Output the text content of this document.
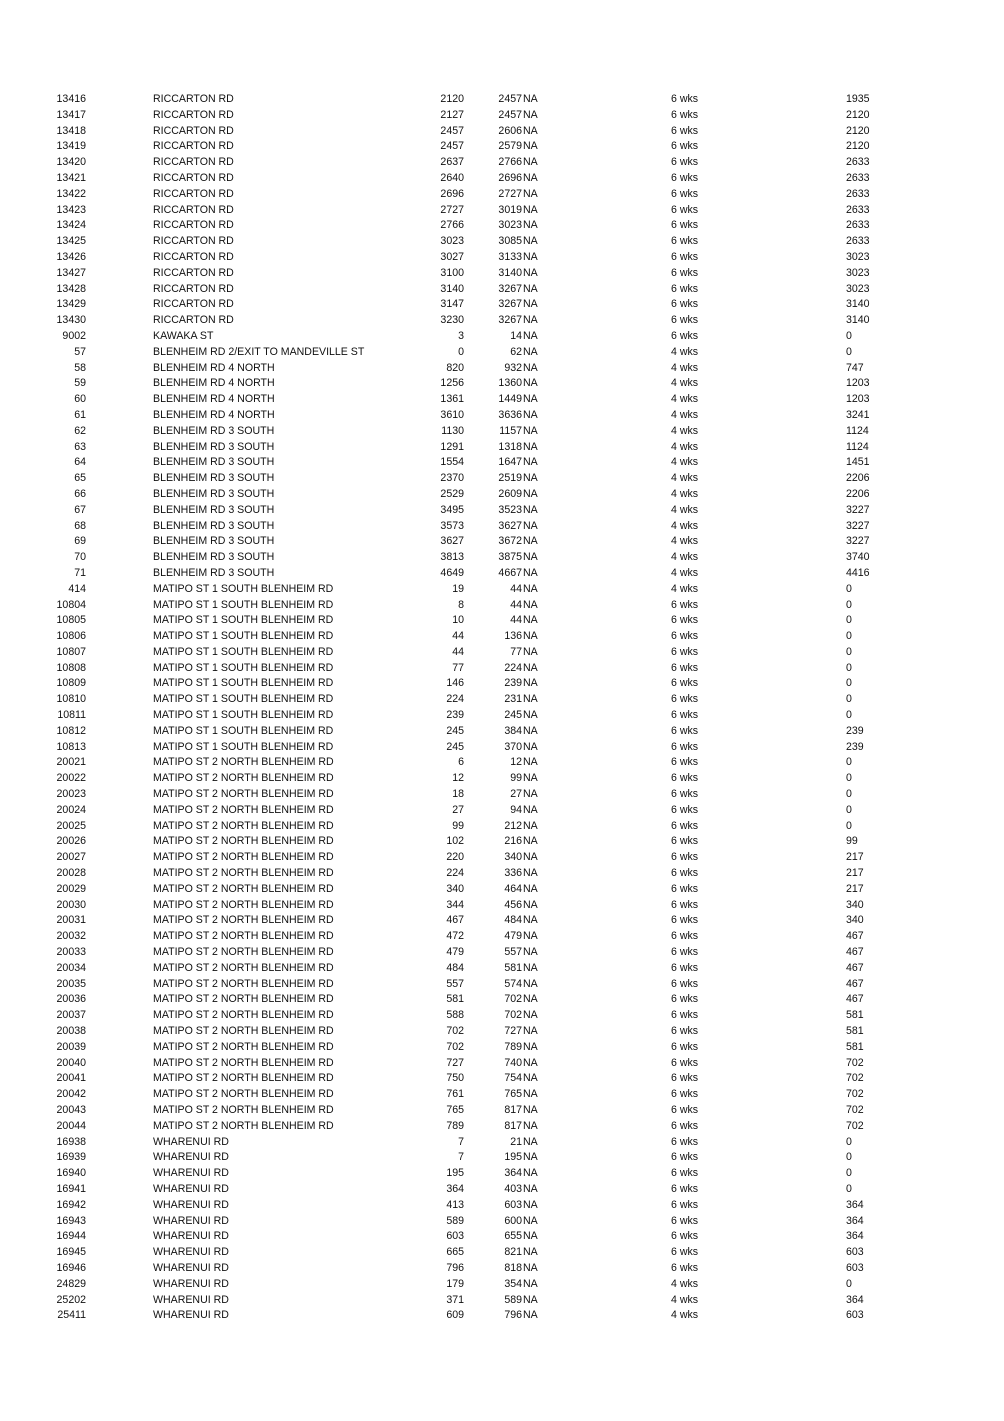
13416	RICCARTON RD	2120	2457 NA	6 wks	1935
13417	RICCARTON RD	2127	2457 NA	6 wks	2120
13418	RICCARTON RD	2457	2606 NA	6 wks	2120
13419	RICCARTON RD	2457	2579 NA	6 wks	2120
13420	RICCARTON RD	2637	2766 NA	6 wks	2633
13421	RICCARTON RD	2640	2696 NA	6 wks	2633
13422	RICCARTON RD	2696	2727 NA	6 wks	2633
13423	RICCARTON RD	2727	3019 NA	6 wks	2633
13424	RICCARTON RD	2766	3023 NA	6 wks	2633
13425	RICCARTON RD	3023	3085 NA	6 wks	2633
13426	RICCARTON RD	3027	3133 NA	6 wks	3023
13427	RICCARTON RD	3100	3140 NA	6 wks	3023
13428	RICCARTON RD	3140	3267 NA	6 wks	3023
13429	RICCARTON RD	3147	3267 NA	6 wks	3140
13430	RICCARTON RD	3230	3267 NA	6 wks	3140
9002	KAWAKA ST	3	14 NA	6 wks	0
57	BLENHEIM RD 2/EXIT TO MANDEVILLE ST	0	62 NA	4 wks	0
58	BLENHEIM RD 4 NORTH	820	932 NA	4 wks	747
59	BLENHEIM RD 4 NORTH	1256	1360 NA	4 wks	1203
60	BLENHEIM RD 4 NORTH	1361	1449 NA	4 wks	1203
61	BLENHEIM RD 4 NORTH	3610	3636 NA	4 wks	3241
62	BLENHEIM RD 3 SOUTH	1130	1157 NA	4 wks	1124
63	BLENHEIM RD 3 SOUTH	1291	1318 NA	4 wks	1124
64	BLENHEIM RD 3 SOUTH	1554	1647 NA	4 wks	1451
65	BLENHEIM RD 3 SOUTH	2370	2519 NA	4 wks	2206
66	BLENHEIM RD 3 SOUTH	2529	2609 NA	4 wks	2206
67	BLENHEIM RD 3 SOUTH	3495	3523 NA	4 wks	3227
68	BLENHEIM RD 3 SOUTH	3573	3627 NA	4 wks	3227
69	BLENHEIM RD 3 SOUTH	3627	3672 NA	4 wks	3227
70	BLENHEIM RD 3 SOUTH	3813	3875 NA	4 wks	3740
71	BLENHEIM RD 3 SOUTH	4649	4667 NA	4 wks	4416
414	MATIPO ST 1 SOUTH BLENHEIM RD	19	44 NA	4 wks	0
10804	MATIPO ST 1 SOUTH BLENHEIM RD	8	44 NA	6 wks	0
10805	MATIPO ST 1 SOUTH BLENHEIM RD	10	44 NA	6 wks	0
10806	MATIPO ST 1 SOUTH BLENHEIM RD	44	136 NA	6 wks	0
10807	MATIPO ST 1 SOUTH BLENHEIM RD	44	77 NA	6 wks	0
10808	MATIPO ST 1 SOUTH BLENHEIM RD	77	224 NA	6 wks	0
10809	MATIPO ST 1 SOUTH BLENHEIM RD	146	239 NA	6 wks	0
10810	MATIPO ST 1 SOUTH BLENHEIM RD	224	231 NA	6 wks	0
10811	MATIPO ST 1 SOUTH BLENHEIM RD	239	245 NA	6 wks	0
10812	MATIPO ST 1 SOUTH BLENHEIM RD	245	384 NA	6 wks	239
10813	MATIPO ST 1 SOUTH BLENHEIM RD	245	370 NA	6 wks	239
20021	MATIPO ST 2 NORTH BLENHEIM RD	6	12 NA	6 wks	0
20022	MATIPO ST 2 NORTH BLENHEIM RD	12	99 NA	6 wks	0
20023	MATIPO ST 2 NORTH BLENHEIM RD	18	27 NA	6 wks	0
20024	MATIPO ST 2 NORTH BLENHEIM RD	27	94 NA	6 wks	0
20025	MATIPO ST 2 NORTH BLENHEIM RD	99	212 NA	6 wks	0
20026	MATIPO ST 2 NORTH BLENHEIM RD	102	216 NA	6 wks	99
20027	MATIPO ST 2 NORTH BLENHEIM RD	220	340 NA	6 wks	217
20028	MATIPO ST 2 NORTH BLENHEIM RD	224	336 NA	6 wks	217
20029	MATIPO ST 2 NORTH BLENHEIM RD	340	464 NA	6 wks	217
20030	MATIPO ST 2 NORTH BLENHEIM RD	344	456 NA	6 wks	340
20031	MATIPO ST 2 NORTH BLENHEIM RD	467	484 NA	6 wks	340
20032	MATIPO ST 2 NORTH BLENHEIM RD	472	479 NA	6 wks	467
20033	MATIPO ST 2 NORTH BLENHEIM RD	479	557 NA	6 wks	467
20034	MATIPO ST 2 NORTH BLENHEIM RD	484	581 NA	6 wks	467
20035	MATIPO ST 2 NORTH BLENHEIM RD	557	574 NA	6 wks	467
20036	MATIPO ST 2 NORTH BLENHEIM RD	581	702 NA	6 wks	467
20037	MATIPO ST 2 NORTH BLENHEIM RD	588	702 NA	6 wks	581
20038	MATIPO ST 2 NORTH BLENHEIM RD	702	727 NA	6 wks	581
20039	MATIPO ST 2 NORTH BLENHEIM RD	702	789 NA	6 wks	581
20040	MATIPO ST 2 NORTH BLENHEIM RD	727	740 NA	6 wks	702
20041	MATIPO ST 2 NORTH BLENHEIM RD	750	754 NA	6 wks	702
20042	MATIPO ST 2 NORTH BLENHEIM RD	761	765 NA	6 wks	702
20043	MATIPO ST 2 NORTH BLENHEIM RD	765	817 NA	6 wks	702
20044	MATIPO ST 2 NORTH BLENHEIM RD	789	817 NA	6 wks	702
16938	WHARENUI RD	7	21 NA	6 wks	0
16939	WHARENUI RD	7	195 NA	6 wks	0
16940	WHARENUI RD	195	364 NA	6 wks	0
16941	WHARENUI RD	364	403 NA	6 wks	0
16942	WHARENUI RD	413	603 NA	6 wks	364
16943	WHARENUI RD	589	600 NA	6 wks	364
16944	WHARENUI RD	603	655 NA	6 wks	364
16945	WHARENUI RD	665	821 NA	6 wks	603
16946	WHARENUI RD	796	818 NA	6 wks	603
24829	WHARENUI RD	179	354 NA	4 wks	0
25202	WHARENUI RD	371	589 NA	4 wks	364
25411	WHARENUI RD	609	796 NA	4 wks	603
